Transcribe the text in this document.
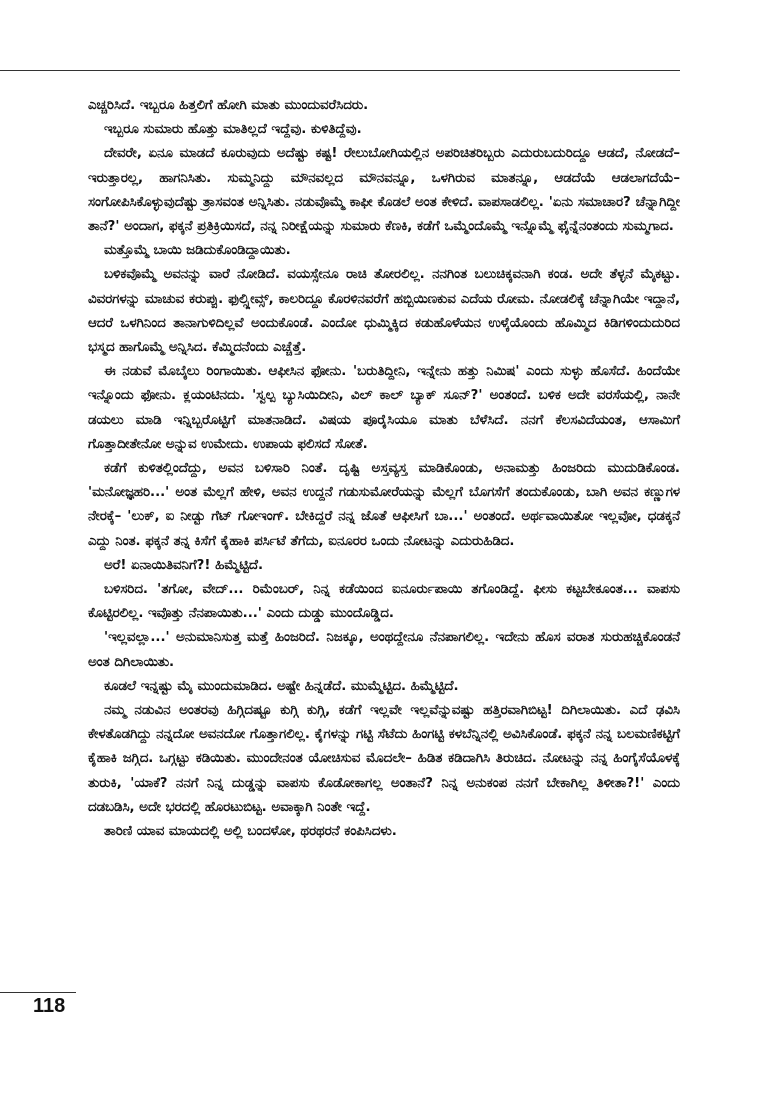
ಎಚ್ಚರಿಸಿದೆ. ಇಬ್ಬರೂ ಹಿತ್ತಲಿಗೆ ಹೋಗಿ ಮಾತು ಮುಂದುವರೆಸಿದರು.

ಇಬ್ಬರೂ ಸುಮಾರು ಹೊತ್ತು ಮಾತಿಲ್ಲದೆ ಇದ್ದೆವು. ಕುಳಿತಿದ್ದೆವು.

ದೇವರೇ, ಏನೂ ಮಾಡದೆ ಕೂರುವುದು ಅದೆಷ್ಟು ಕಷ್ಟ! ರೇಲುಬೋಗಿಯಲ್ಲಿನ ಅಪರಿಚಿತರಿಬ್ಬರು ಎದುರುಬದುರಿದ್ದೂ ಆಡದೆ, ನೋಡದೆ– ಇರುತ್ತಾರಲ್ಲ, ಹಾಗನಿಸಿತು. ಸುಮ್ಮನಿದ್ದು ಮೌನವಲ್ಲದ ಮೌನವನ್ನೂ, ಒಳಗಿರುವ ಮಾತನ್ನೂ, ಆಡದೆಯೆ ಆಡಲಾಗದೆಯೆ– ಸಂಗೋಪಿಸಿಕೊಳ್ಳುವುದೆಷ್ಟು ತ್ರಾಸವಂತ ಅನ್ನಿಸಿತು. ನಡುವೊಮ್ಮೆ ಕಾಫೀ ಕೊಡಲೆ ಅಂತ ಕೇಳಿದೆ. ವಾಪಸಾಡಲಿಲ್ಲ. 'ಏನು ಸಮಾಚಾರ? ಚೆನ್ನಾಗಿದ್ದೀ ತಾನೆ?' ಅಂದಾಗ, ಫಕ್ಕನೆ ಪ್ರತಿಕ್ರಿಯಿಸದೆ, ನನ್ನ ನಿರೀಕ್ಷೆಯನ್ನು ಸುಮಾರು ಕೆಣಕಿ, ಕಡೆಗೆ ಒಮ್ಮೆಂದೊಮ್ಮೆ ಇನ್ನೊಮ್ಮೆ ಫೈನ್ನೆನಂತಂದು ಸುಮ್ಮಗಾದ.

ಮತ್ತೊಮ್ಮೆ ಬಾಯಿ ಜಡಿದುಕೊಂಡಿದ್ದಾಯಿತು.

ಬಳಿಕವೊಮ್ಮೆ ಅವನನ್ನು ವಾರೆ ನೋಡಿದೆ. ವಯಸ್ಸೇನೂ ರಾಚಿ ತೋರಲಿಲ್ಲ. ನನಗಿಂತ ಬಲುಚಿಕ್ಕವನಾಗಿ ಕಂಡ. ಅದೇ ತೆಳ್ಳನೆ ಮೈಕಟ್ಟು. ವಿವರಗಳನ್ನು ಮಾಚುವ ಕರುಪ್ಪು. ಫುಲ್ಸ್ಲೀವ್ಸ್, ಕಾಲರಿದ್ದೂ ಕೊರಳಿನವರೆಗೆ ಹಬ್ಬಿಯಿಣಕುವ ಎದೆಯ ರೋಮ. ನೋಡಲಿಕ್ಕೆ ಚೆನ್ನಾಗಿಯೇ ಇದ್ದಾನೆ, ಆದರೆ ಒಳಗಿನಿಂದ ತಾನಾಗುಳಿದಿಲ್ಲವೆ ಅಂದುಕೊಂಡೆ. ಎಂದೋ ಧುಮ್ಮಿಕ್ಕಿದ ಕಡುಹೊಳೆಯನ ಉಳ್ಕೆಯೊಂದು ಹೊಮ್ಮಿದ ಕಿಡಿಗಳಿಂದುದುರಿದ ಭಸ್ಮದ ಹಾಗೊಮ್ಮೆ ಅನ್ನಿಸಿದ. ಕೆಮ್ಮಿದನೆಂದು ಎಚ್ಚೆತ್ತೆ.

ಈ ನಡುವೆ ಮೊಬೈಲು ರಿಂಗಾಯಿತು. ಆಫೀಸಿನ ಫೋನು. 'ಬರುತಿದ್ದೀನಿ, ಇನ್ನೇನು ಹತ್ತು ನಿಮಿಷ' ಎಂದು ಸುಳ್ಳು ಹೊಸೆದೆ. ಹಿಂದೆಯೇ ಇನ್ನೊಂದು ಫೋನು. ಕ್ಲಯಂಟಿನದು. 'ಸ್ವಲ್ಪ ಬ್ಯುಸಿಯಿದೀನಿ, ವಿಲ್ ಕಾಲ್ ಬ್ಯಾಕ್ ಸೂನ್?' ಅಂತಂದೆ. ಬಳಿಕ ಅದೇ ವರಸೆಯಲ್ಲಿ, ನಾನೇ ಡಯಲು ಮಾಡಿ ಇನ್ನಿಬ್ಬರೊಟ್ಟಿಗೆ ಮಾತನಾಡಿದೆ. ವಿಷಯ ಪೂರೈಸಿಯೂ ಮಾತು ಬೆಳೆಸಿದೆ. ನನಗೆ ಕೆಲಸವಿದೆಯಂತ, ಆಸಾಮಿಗೆ ಗೊತ್ತಾದೀತೇನೋ ಅನ್ನುವ ಉಮೇದು. ಉಪಾಯ ಫಲಿಸದೆ ಸೋತೆ.

ಕಡೆಗೆ ಕುಳಿತಲ್ಲಿಂದೆದ್ದು, ಅವನ ಬಳಿಸಾರಿ ನಿಂತೆ. ದೃಷ್ಟಿ ಅಸ್ತವ್ಯಸ್ತ ಮಾಡಿಕೊಂಡು, ಅನಾಮತ್ತು ಹಿಂಜರಿದು ಮುದುಡಿಕೊಂಡ. 'ಮನೋಜ್ಞಹರಿ...' ಅಂತ ಮೆಲ್ಲಗೆ ಹೇಳಿ, ಅವನ ಉದ್ದನೆ ಗಡುಸುಮೋರೆಯನ್ನು ಮೆಲ್ಲಗೆ ಬೊಗಸೆಗೆ ತಂದುಕೊಂಡು, ಬಾಗಿ ಅವನ ಕಣ್ಣುಗಳ ನೇರಕ್ಕೆ– 'ಲುಕ್, ಐ ನೀಡ್ಟು ಗೆಟ್ ಗೋಇಂಗ್. ಬೇಕಿದ್ದರೆ ನನ್ನ ಜೊತೆ ಆಫೀಸಿಗೆ ಬಾ...' ಅಂತಂದೆ. ಅರ್ಥವಾಯಿತೋ ಇಲ್ಲವೋ, ಧಡಕ್ಕನೆ ಎದ್ದು ನಿಂತ. ಫಕ್ಕನೆ ತನ್ನ ಕಿಸೆಗೆ ಕೈಹಾಕಿ ಪರ್ಸಿಟೆ ತೆಗೆದು, ಐನೂರರ ಒಂದು ನೋಟನ್ನು ಎದುರುಹಿಡಿದ.

ಅರೆ! ಏನಾಯಿತಿವನಿಗೆ?! ಹಿಮ್ಮೆಟ್ಟಿದೆ.

ಬಳಿಸರಿದ. 'ತಗೋ, ವೇದ್... ರಿಮೆಂಬರ್, ನಿನ್ನ ಕಡೆಯಿಂದ ಐನೂರ್ರುಪಾಯಿ ತಗೊಂಡಿದ್ದೆ. ಫೀಸು ಕಟ್ಟಬೇಕೂಂತ... ವಾಪಸು ಕೊಟ್ಟಿರಲಿಲ್ಲ. ಇವೊತ್ತು ನೆನಪಾಯಿತು...' ಎಂದು ದುಡ್ಡು ಮುಂದೊಡ್ಡಿದ.

'ಇಲ್ಲವಲ್ಲಾ...' ಅನುಮಾನಿಸುತ್ತ ಮತ್ತೆ ಹಿಂಜರಿದೆ. ನಿಜಕ್ಕೂ, ಅಂಥದ್ದೇನೂ ನೆನಪಾಗಲಿಲ್ಲ. ಇದೇನು ಹೊಸ ವರಾತ ಸುರುಹಚ್ಚಿಕೊಂಡನೆ ಅಂತ ದಿಗಿಲಾಯಿತು.

ಕೂಡಲೆ ಇನ್ನಷ್ಟು ಮೈ ಮುಂದುಮಾಡಿದ. ಅಷ್ಟೇ ಹಿನ್ನಡೆದೆ. ಮುಮ್ಮೆಟ್ಟಿದ. ಹಿಮ್ಮೆಟ್ಟಿದೆ.

ನಮ್ಮ ನಡುವಿನ ಅಂತರವು ಹಿಗ್ಗಿದಷ್ಟೂ ಕುಗ್ಗಿ ಕುಗ್ಗಿ, ಕಡೆಗೆ ಇಲ್ಲವೇ ಇಲ್ಲವೆನ್ನುವಷ್ಟು ಹತ್ತಿರವಾಗಿಬಿಟ್ಟ! ದಿಗಿಲಾಯಿತು. ಎದೆ ಢವಿಸಿ ಕೇಳತೊಡಗಿದ್ದು ನನ್ನದೋ ಅವನದೋ ಗೊತ್ತಾಗಲಿಲ್ಲ. ಕೈಗಳನ್ನು ಗಟ್ಟಿ ಸೆಟೆದು ಹಿಂಗಟ್ಟಿ ಕಳಬೆನ್ನಿನಲ್ಲಿ ಅವಿಸಿಕೊಂಡೆ. ಫಕ್ಕನೆ ನನ್ನ ಬಲಮಣಿಕಟ್ಟಿಗೆ ಕೈಹಾಕಿ ಜಗ್ಗಿದ. ಒಗ್ಗಟ್ಟು ಕಡಿಯಿತು. ಮುಂದೇನಂತ ಯೋಚಿಸುವ ಮೊದಲೇ– ಹಿಡಿತ ಕಡಿದಾಗಿಸಿ ತಿರುಚಿದ. ನೋಟನ್ನು ನನ್ನ ಹಿಂಗೈಸೆಯೊಳಕ್ಕೆ ತುರುಕಿ, 'ಯಾಕೆ? ನನಗೆ ನಿನ್ನ ದುಡ್ಡನ್ನು ವಾಪಸು ಕೊಡೋಕಾಗಲ್ಲ ಅಂತಾನೆ? ನಿನ್ನ ಅನುಕಂಪ ನನಗೆ ಬೇಕಾಗಿಲ್ಲ ತಿಳೀತಾ?!' ಎಂದು ದಡಬಡಿಸಿ, ಅದೇ ಭರದಲ್ಲಿ ಹೊರಟುಬಿಟ್ಟ. ಅವಾಕ್ಕಾಗಿ ನಿಂತೇ ಇದ್ದೆ.

ತಾರಿಣಿ ಯಾವ ಮಾಯದಲ್ಲಿ ಅಲ್ಲಿ ಬಂದಳೋ, ಥರಥರನೆ ಕಂಪಿಸಿದಳು.

118
